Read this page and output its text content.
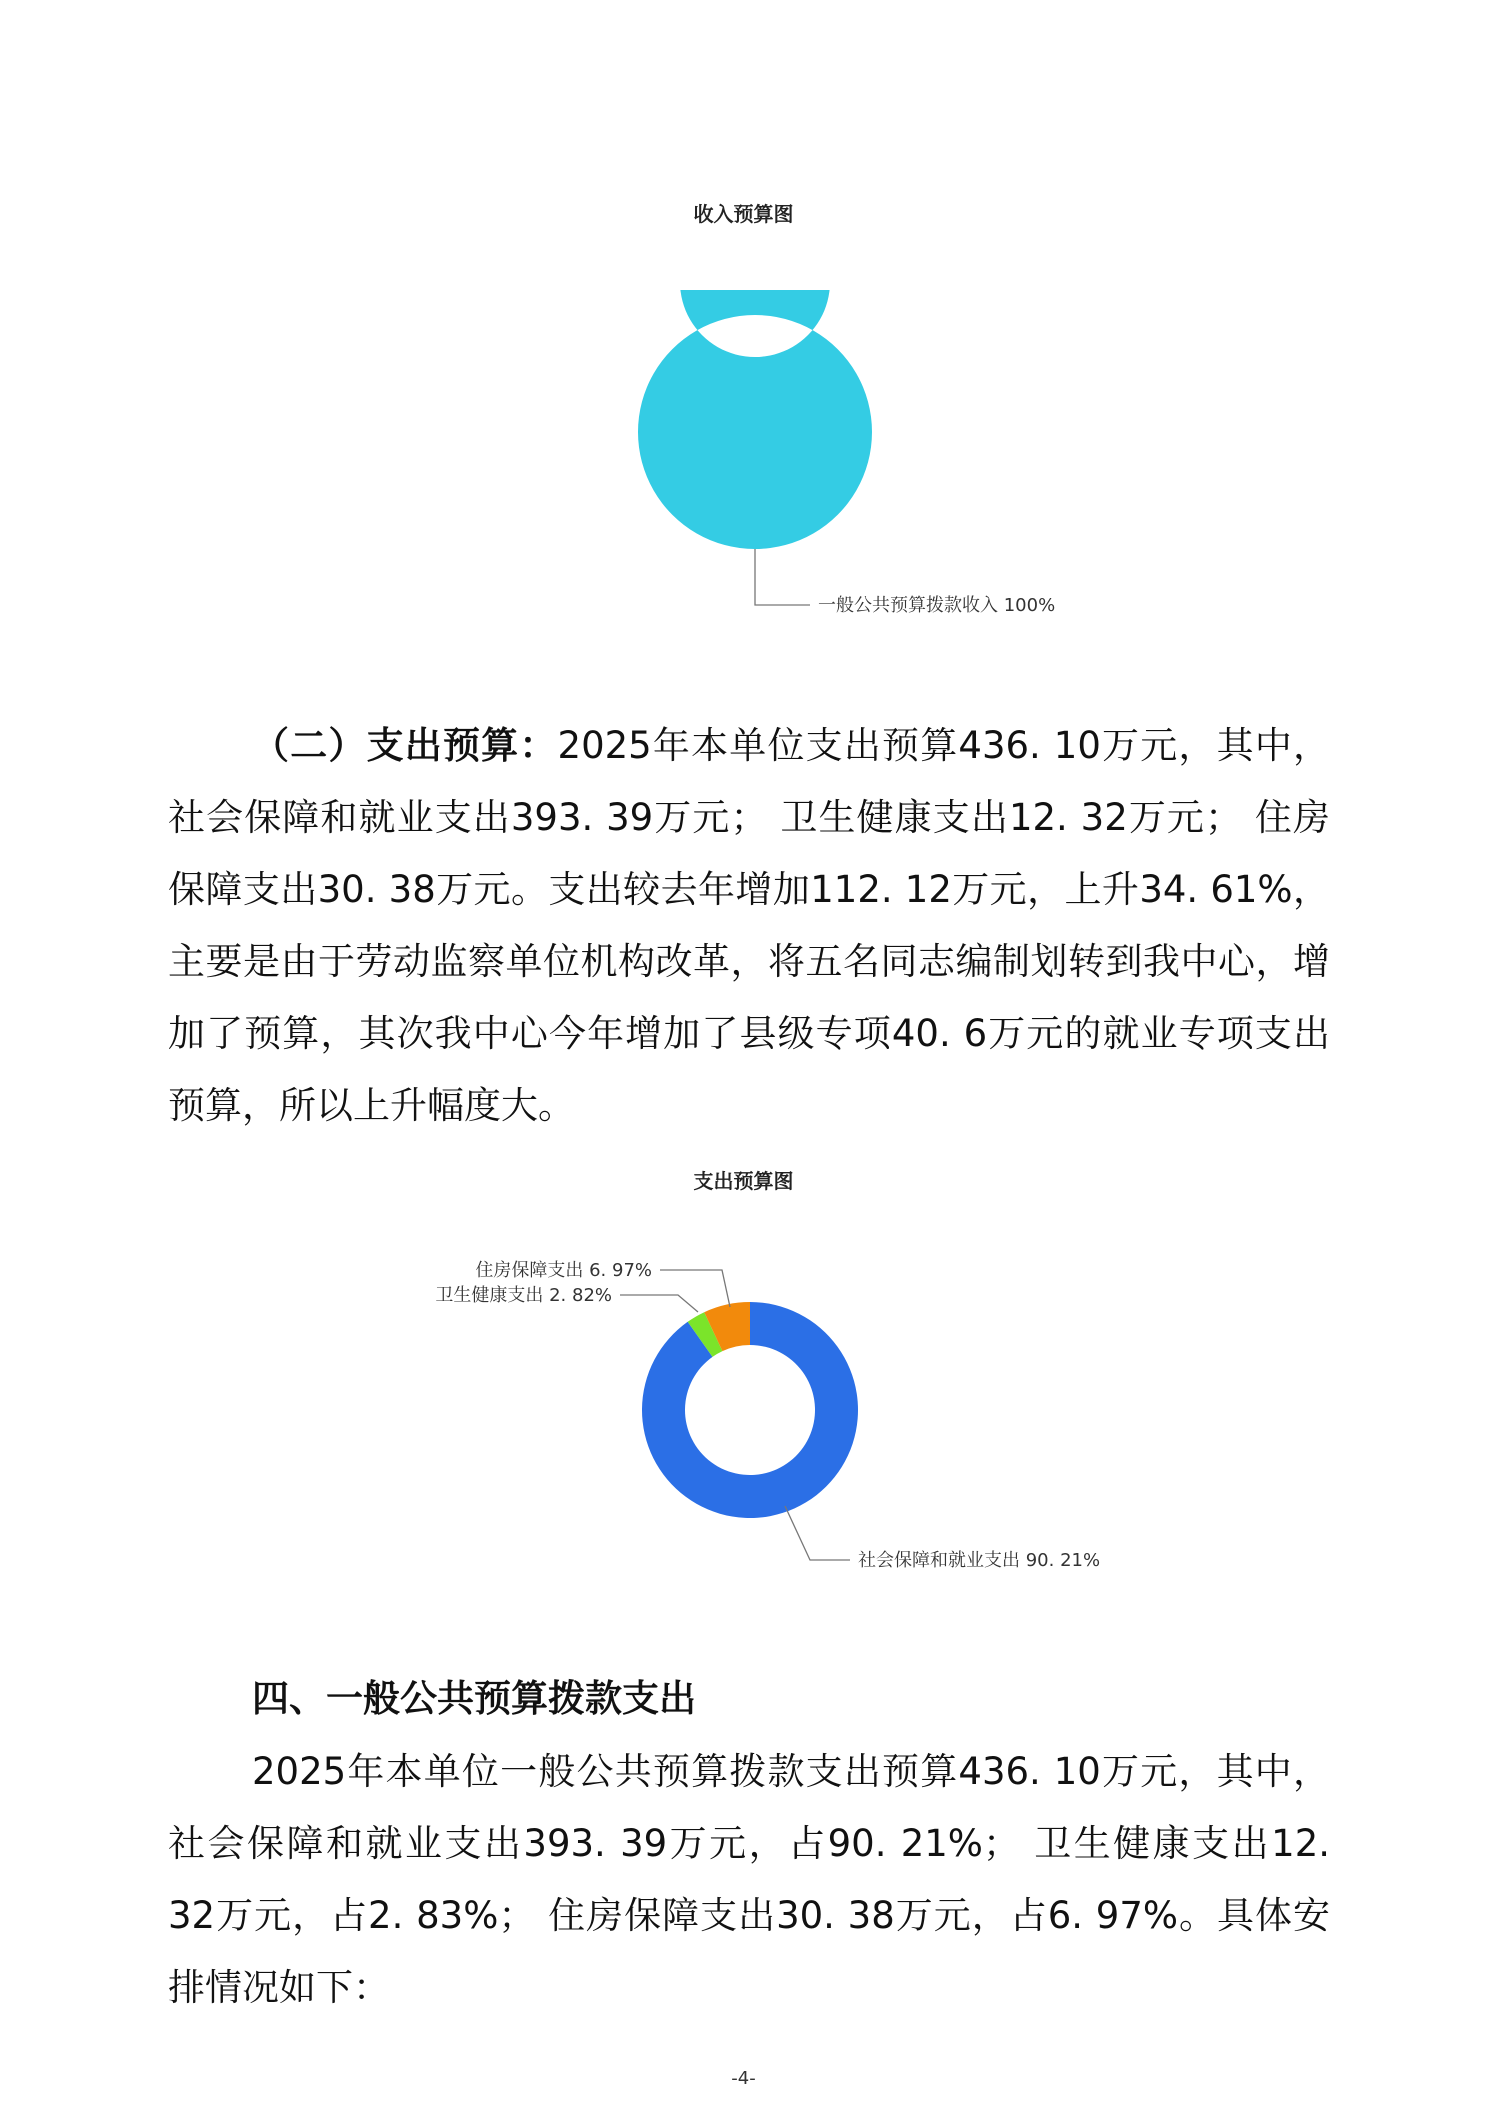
收入预算图
一般公共预算拨款收入 100%

（二）支出预算：2025年本单位支出预算436. 10万元，其中，社会保障和就业支出393. 39万元； 卫生健康支出12. 32万元； 住房保障支出30. 38万元。支出较去年增加112. 12万元，上升34. 61%，主要是由于劳动监察单位机构改革，将五名同志编制划转到我中心，增加了预算，其次我中心今年增加了县级专项40. 6万元的就业专项支出预算，所以上升幅度大。

支出预算图
社会保障和就业支出 90. 21%
卫生健康支出 2. 82%
住房保障支出 6. 97%
四、一般公共预算拨款支出

2025年本单位一般公共预算拨款支出预算436. 10万元，其中，社会保障和就业支出393. 39万元，占90. 21%； 卫生健康支出12. 32万元，占2. 83%； 住房保障支出30. 38万元，占6. 97%。具体安排情况如下：

-4-
